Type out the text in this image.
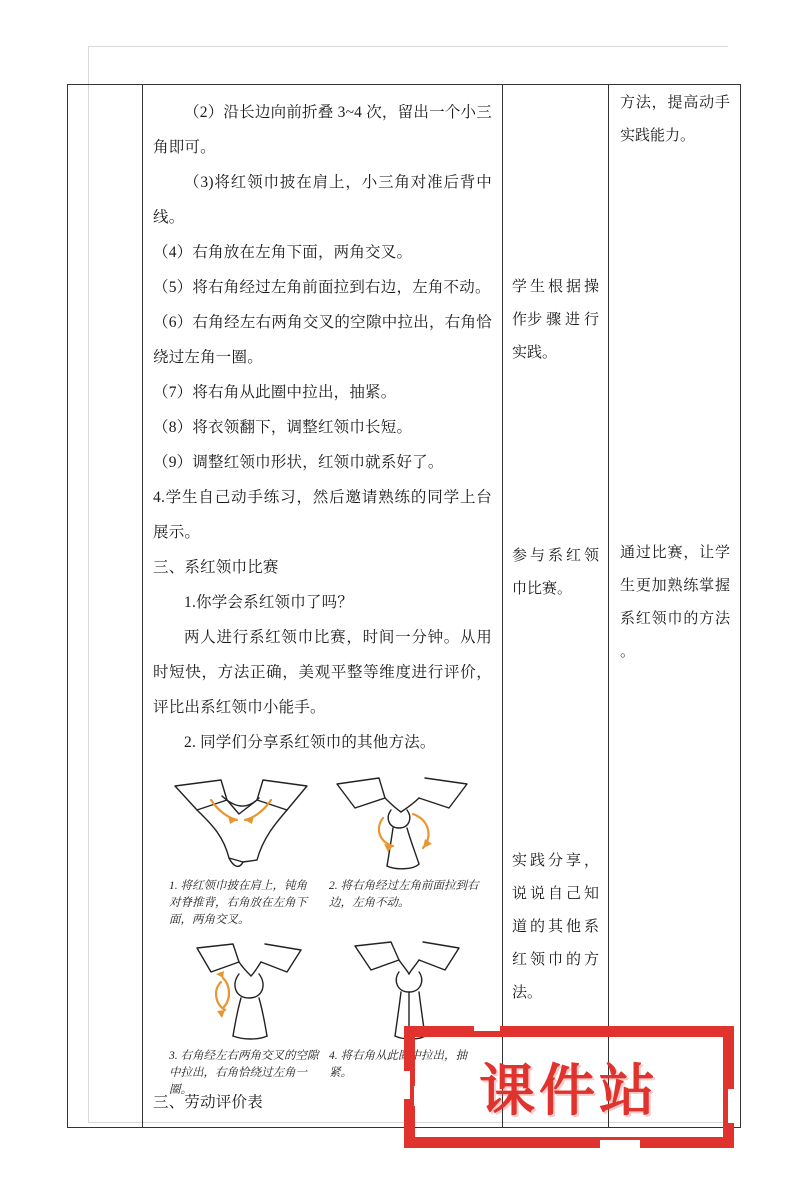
（2）沿长边向前折叠 3~4 次，留出一个小三角即可。

（3)将红领巾披在肩上，小三角对准后背中线。

（4）右角放在左角下面，两角交叉。

（5）将右角经过左角前面拉到右边，左角不动。

（6）右角经左右两角交叉的空隙中拉出，右角恰绕过左角一圈。

（7）将右角从此圈中拉出，抽紧。

（8）将衣领翻下，调整红领巾长短。

（9）调整红领巾形状，红领巾就系好了。

4.学生自己动手练习，然后邀请熟练的同学上台展示。

三、系红领巾比赛

1.你学会系红领巾了吗？

两人进行系红领巾比赛，时间一分钟。从用时短快，方法正确，美观平整等维度进行评价，评比出系红领巾小能手。

2. 同学们分享系红领巾的其他方法。

1. 将红领巾披在肩上，钝角对脊推背，右角放在左角下面，两角交叉。
2. 将右角经过左角前面拉到右边，左角不动。
3. 右角经左右两角交叉的空隙中拉出，右角恰绕过左角一圈。
4. 将右角从此圈中拉出，抽紧。

三、劳动评价表

学生根据操作步 骤 进 行 实践。
参与系红领巾比赛。
实践分享，说说自己知道的其他系红领巾的方法。
方法，提高动手实践能力。
通过比赛，让学生更加熟练掌握系红领巾的方法 。
课件站
